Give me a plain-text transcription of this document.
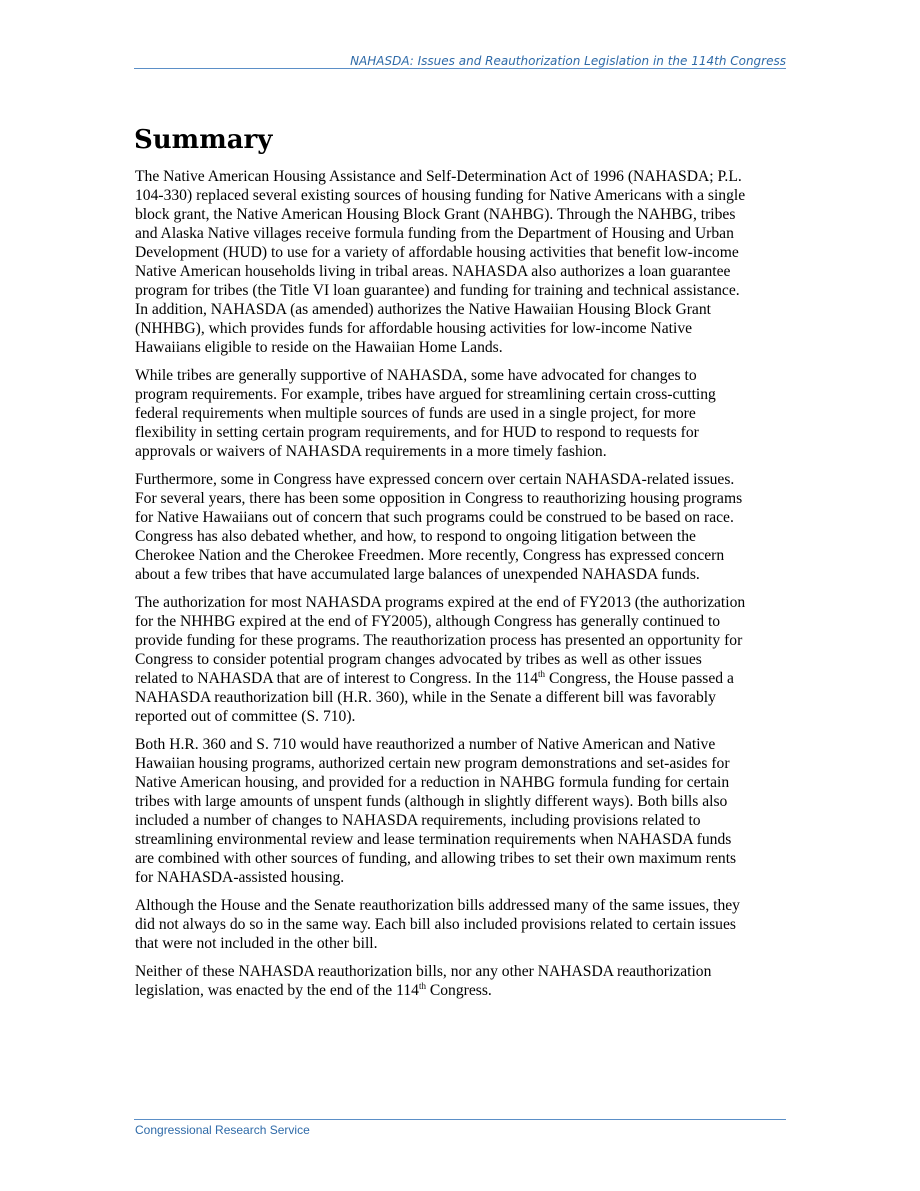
NAHASDA: Issues and Reauthorization Legislation in the 114th Congress
Summary

The Native American Housing Assistance and Self-Determination Act of 1996 (NAHASDA; P.L.
104-330) replaced several existing sources of housing funding for Native Americans with a single
block grant, the Native American Housing Block Grant (NAHBG). Through the NAHBG, tribes
and Alaska Native villages receive formula funding from the Department of Housing and Urban
Development (HUD) to use for a variety of affordable housing activities that benefit low-income
Native American households living in tribal areas. NAHASDA also authorizes a loan guarantee
program for tribes (the Title VI loan guarantee) and funding for training and technical assistance.
In addition, NAHASDA (as amended) authorizes the Native Hawaiian Housing Block Grant
(NHHBG), which provides funds for affordable housing activities for low-income Native
Hawaiians eligible to reside on the Hawaiian Home Lands.

While tribes are generally supportive of NAHASDA, some have advocated for changes to
program requirements. For example, tribes have argued for streamlining certain cross-cutting
federal requirements when multiple sources of funds are used in a single project, for more
flexibility in setting certain program requirements, and for HUD to respond to requests for
approvals or waivers of NAHASDA requirements in a more timely fashion.

Furthermore, some in Congress have expressed concern over certain NAHASDA-related issues.
For several years, there has been some opposition in Congress to reauthorizing housing programs
for Native Hawaiians out of concern that such programs could be construed to be based on race.
Congress has also debated whether, and how, to respond to ongoing litigation between the
Cherokee Nation and the Cherokee Freedmen. More recently, Congress has expressed concern
about a few tribes that have accumulated large balances of unexpended NAHASDA funds.

The authorization for most NAHASDA programs expired at the end of FY2013 (the authorization
for the NHHBG expired at the end of FY2005), although Congress has generally continued to
provide funding for these programs. The reauthorization process has presented an opportunity for
Congress to consider potential program changes advocated by tribes as well as other issues
related to NAHASDA that are of interest to Congress. In the 114th Congress, the House passed a
NAHASDA reauthorization bill (H.R. 360), while in the Senate a different bill was favorably
reported out of committee (S. 710).

Both H.R. 360 and S. 710 would have reauthorized a number of Native American and Native
Hawaiian housing programs, authorized certain new program demonstrations and set-asides for
Native American housing, and provided for a reduction in NAHBG formula funding for certain
tribes with large amounts of unspent funds (although in slightly different ways). Both bills also
included a number of changes to NAHASDA requirements, including provisions related to
streamlining environmental review and lease termination requirements when NAHASDA funds
are combined with other sources of funding, and allowing tribes to set their own maximum rents
for NAHASDA-assisted housing.

Although the House and the Senate reauthorization bills addressed many of the same issues, they
did not always do so in the same way. Each bill also included provisions related to certain issues
that were not included in the other bill.

Neither of these NAHASDA reauthorization bills, nor any other NAHASDA reauthorization
legislation, was enacted by the end of the 114th Congress.

Congressional Research Service
